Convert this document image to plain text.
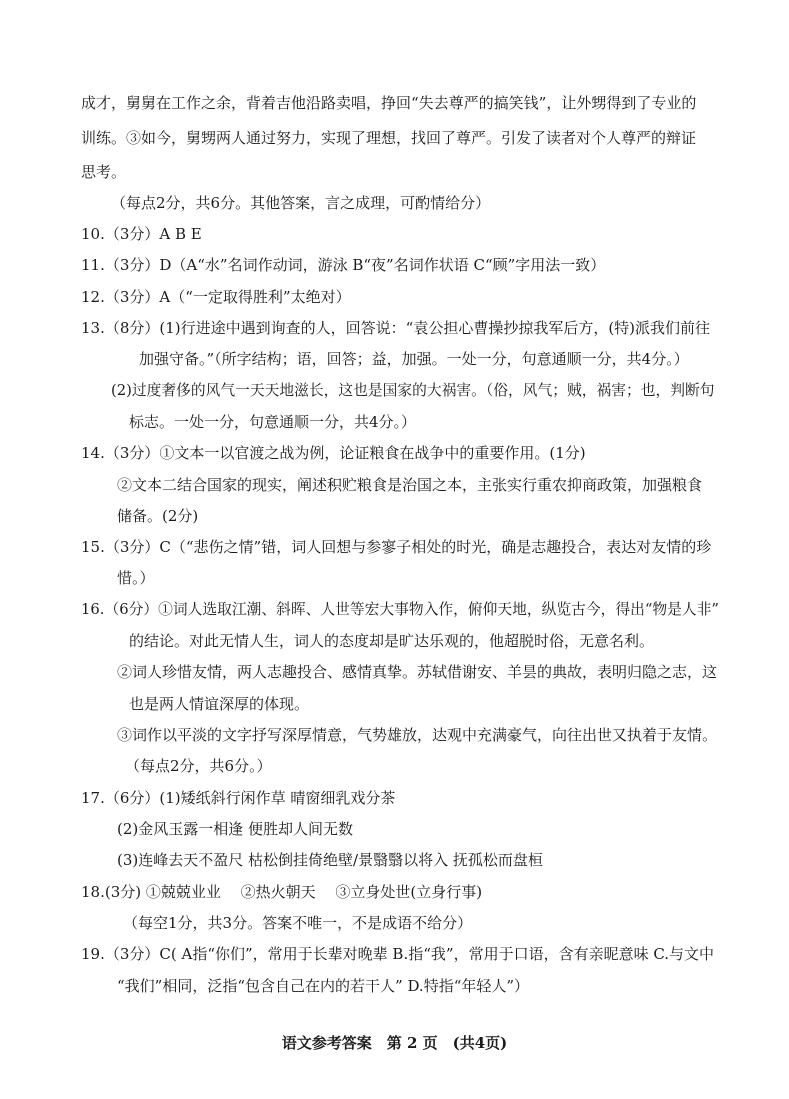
成才，舅舅在工作之余，背着吉他沿路卖唱，挣回“失去尊严的搞笑钱”，让外甥得到了专业的
训练。③如今，舅甥两人通过努力，实现了理想，找回了尊严。引发了读者对个人尊严的辩证
思考。
（每点2分，共6分。其他答案，言之成理，可酌情给分）
10.（3分）A B E
11.（3分）D（A“水”名词作动词，游泳 B“夜”名词作状语 C“顾”字用法一致）
12.（3分）A（“一定取得胜利”太绝对）
13.（8分）(1)行进途中遇到询查的人，回答说：“袁公担心曹操抄掠我军后方，(特)派我们前往
加强守备。”（所字结构；语，回答；益，加强。一处一分，句意通顺一分，共4分。）
(2)过度奢侈的风气一天天地滋长，这也是国家的大祸害。（俗，风气；贼，祸害；也，判断句
标志。一处一分，句意通顺一分，共4分。）
14.（3分）①文本一以官渡之战为例，论证粮食在战争中的重要作用。(1分)
②文本二结合国家的现实，阐述积贮粮食是治国之本，主张实行重农抑商政策，加强粮食
储备。(2分)
15.（3分）C（“悲伤之情”错，词人回想与参寥子相处的时光，确是志趣投合，表达对友情的珍
惜。）
16.（6分）①词人选取江潮、斜晖、人世等宏大事物入作，俯仰天地，纵览古今，得出“物是人非”
的结论。对此无情人生，词人的态度却是旷达乐观的，他超脱时俗，无意名利。
②词人珍惜友情，两人志趣投合、感情真挚。苏轼借谢安、羊昙的典故，表明归隐之志，这
也是两人情谊深厚的体现。
③词作以平淡的文字抒写深厚情意，气势雄放，达观中充满豪气，向往出世又执着于友情。
（每点2分，共6分。）
17.（6分）(1)矮纸斜行闲作草 晴窗细乳戏分茶
(2)金风玉露一相逢 便胜却人间无数
(3)连峰去天不盈尺 枯松倒挂倚绝壁/景翳翳以将入 抚孤松而盘桓
18.(3分) ①兢兢业业　 ②热火朝天　 ③立身处世(立身行事)
（每空1分，共3分。答案不唯一，不是成语不给分）
19.（3分）C( A指“你们”，常用于长辈对晚辈 B.指“我”，常用于口语，含有亲昵意味 C.与文中
“我们”相同，泛指“包含自己在内的若干人” D.特指“年轻人”）
语文参考答案　第 2 页　(共4页)
